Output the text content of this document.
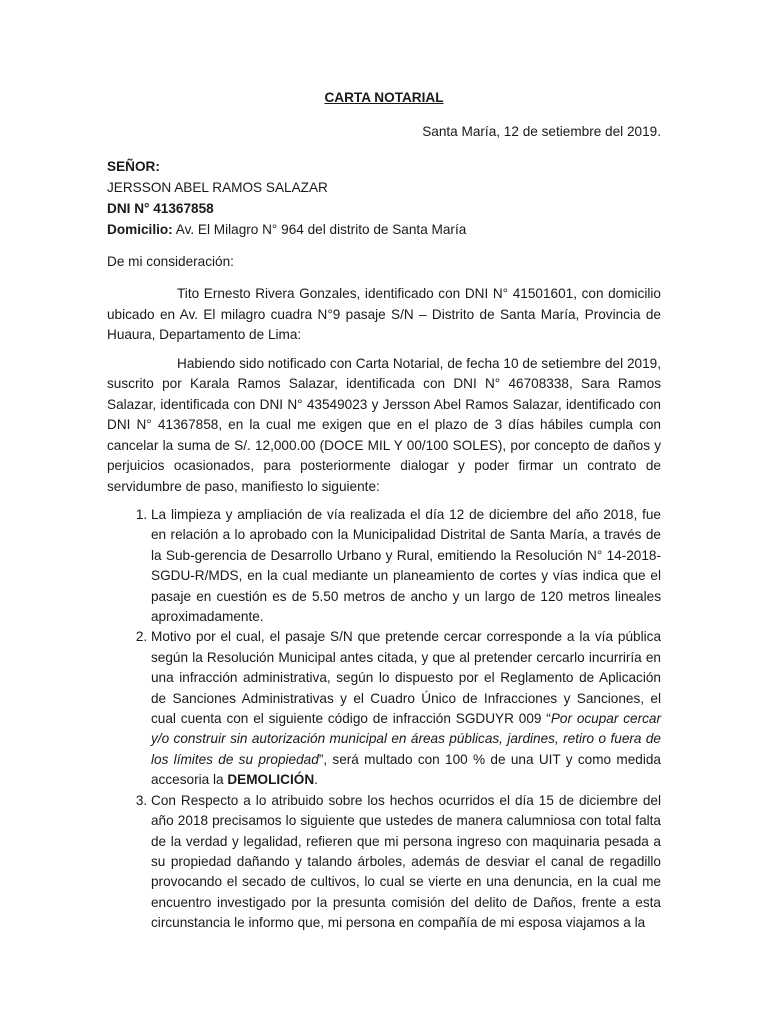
CARTA NOTARIAL
Santa María, 12 de setiembre del 2019.

SEÑOR:

JERSSON ABEL RAMOS SALAZAR

DNI N° 41367858

Domicilio: Av. El Milagro N° 964 del distrito de Santa María

De mi consideración:

Tito Ernesto Rivera Gonzales, identificado con DNI N° 41501601, con domicilio ubicado en Av. El milagro cuadra N°9 pasaje S/N – Distrito de Santa María, Provincia de Huaura, Departamento de Lima:

Habiendo sido notificado con Carta Notarial, de fecha 10 de setiembre del 2019, suscrito por Karala Ramos Salazar, identificada con DNI N° 46708338, Sara Ramos Salazar, identificada con DNI N° 43549023 y Jersson Abel Ramos Salazar, identificado con DNI N° 41367858, en la cual me exigen que en el plazo de 3 días hábiles cumpla con cancelar la suma de S/. 12,000.00 (DOCE MIL Y 00/100 SOLES), por concepto de daños y perjuicios ocasionados, para posteriormente dialogar y poder firmar un contrato de servidumbre de paso, manifiesto lo siguiente:

1. La limpieza y ampliación de vía realizada el día 12 de diciembre del año 2018, fue en relación a lo aprobado con la Municipalidad Distrital de Santa María, a través de la Sub-gerencia de Desarrollo Urbano y Rural, emitiendo la Resolución N° 14-2018-SGDU-R/MDS, en la cual mediante un planeamiento de cortes y vías indica que el pasaje en cuestión es de 5.50 metros de ancho y un largo de 120 metros lineales aproximadamente.
2. Motivo por el cual, el pasaje S/N que pretende cercar corresponde a la vía pública según la Resolución Municipal antes citada, y que al pretender cercarlo incurriría en una infracción administrativa, según lo dispuesto por el Reglamento de Aplicación de Sanciones Administrativas y el Cuadro Único de Infracciones y Sanciones, el cual cuenta con el siguiente código de infracción SGDUYR 009 “Por ocupar cercar y/o construir sin autorización municipal en áreas públicas, jardines, retiro o fuera de los límites de su propiedad”, será multado con 100 % de una UIT y como medida accesoria la DEMOLICIÓN.
3. Con Respecto a lo atribuido sobre los hechos ocurridos el día 15 de diciembre del año 2018 precisamos lo siguiente que ustedes de manera calumniosa con total falta de la verdad y legalidad, refieren que mi persona ingreso con maquinaria pesada a su propiedad dañando y talando árboles, además de desviar el canal de regadillo provocando el secado de cultivos, lo cual se vierte en una denuncia, en la cual me encuentro investigado por la presunta comisión del delito de Daños, frente a esta circunstancia le informo que, mi persona en compañía de mi esposa viajamos a la
